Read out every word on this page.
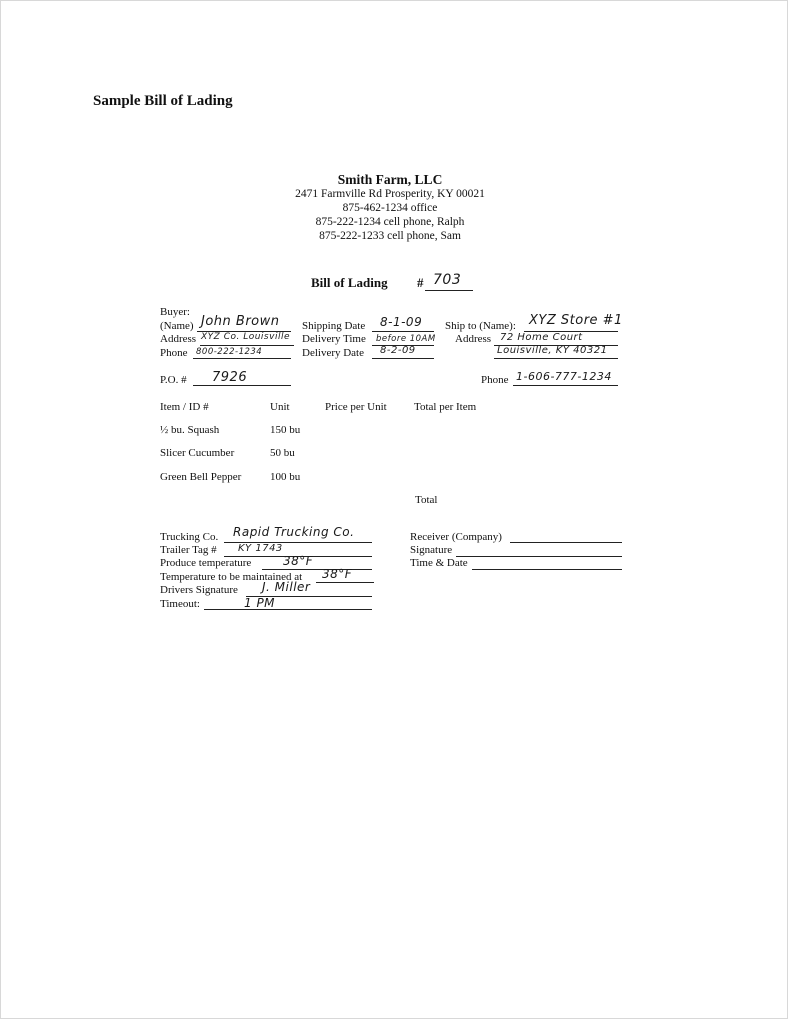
Sample Bill of Lading
Smith Farm, LLC
2471 Farmville Rd Prosperity, KY 00021
875-462-1234 office
875-222-1234 cell phone, Ralph
875-222-1233 cell phone, Sam
Bill of Lading # 703
Buyer:
(Name) John Brown
Address XYZ Co. Louisville
Phone 800-222-1234
Shipping Date 8-1-09
Delivery Time before 10AM
Delivery Date 8-2-09
Ship to (Name): XYZ Store #1
Address 72 Home Court
Louisville, KY 40321
P.O. # 7926	Phone 1-606-777-1234
Item / ID #	Unit	Price per Unit Total per Item
½ bu. Squash	150 bu
Slicer Cucumber	50 bu
Green Bell Pepper	100 bu
Total
Trucking Co. Rapid Trucking Co.
Trailer Tag # KY 1743
Produce temperature	38°F
Temperature to be maintained at 38°F
Drivers Signature J. Miller
Timeout:	1 PM
Receiver (Company)
Signature
Time & Date
